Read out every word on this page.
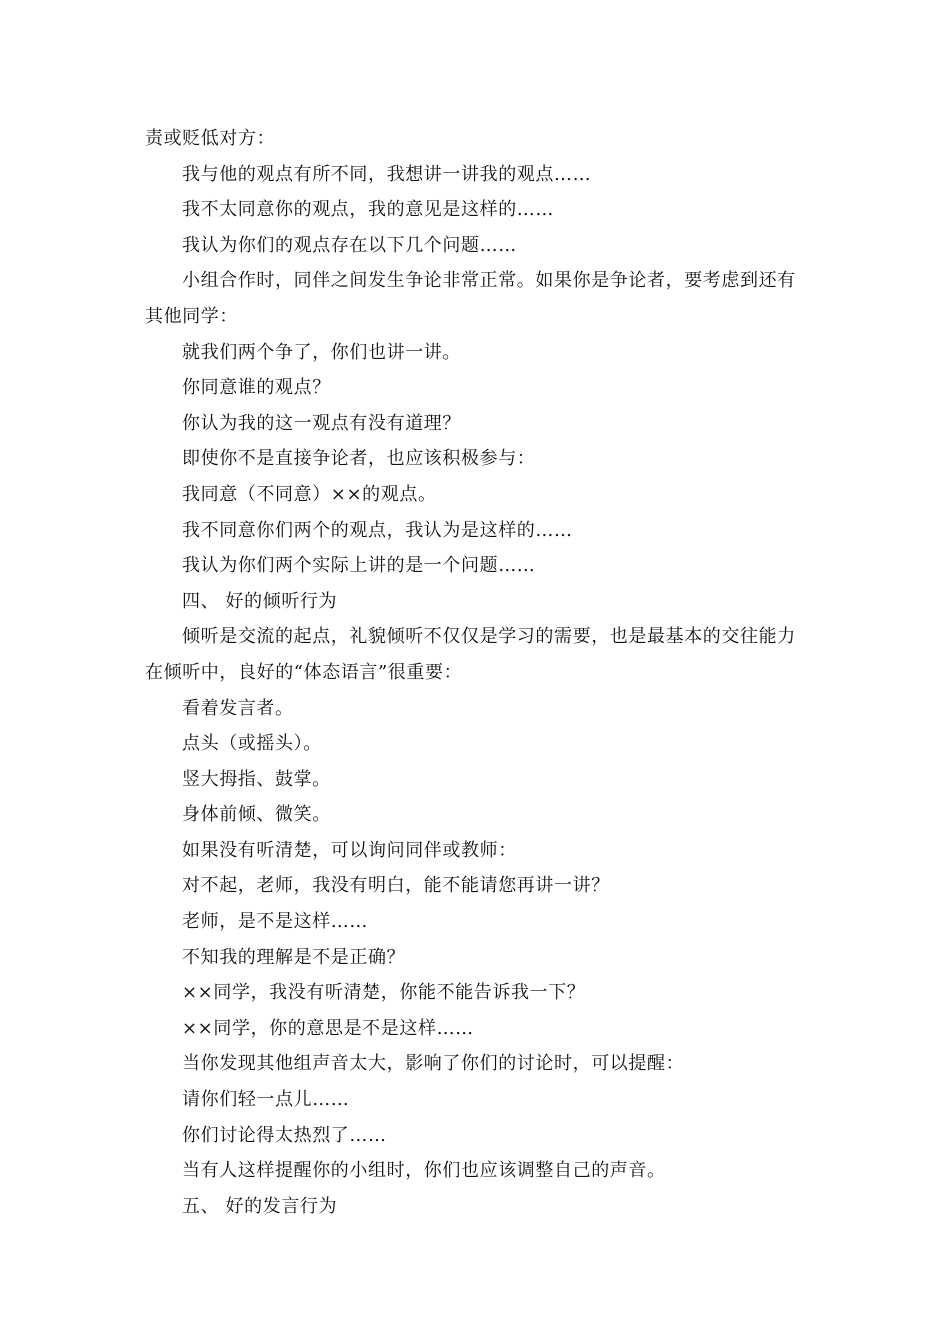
责或贬低对方：
我与他的观点有所不同，我想讲一讲我的观点……
我不太同意你的观点，我的意见是这样的……
我认为你们的观点存在以下几个问题……
小组合作时，同伴之间发生争论非常正常。如果你是争论者，要考虑到还有
其他同学：
就我们两个争了，你们也讲一讲。
你同意谁的观点？
你认为我的这一观点有没有道理？
即使你不是直接争论者，也应该积极参与：
我同意（不同意）××的观点。
我不同意你们两个的观点，我认为是这样的……
我认为你们两个实际上讲的是一个问题……
四、 好的倾听行为
倾听是交流的起点，礼貌倾听不仅仅是学习的需要，也是最基本的交往能力
在倾听中，良好的“体态语言”很重要：
看着发言者。
点头（或摇头）。
竖大拇指、鼓掌。
身体前倾、微笑。
如果没有听清楚，可以询问同伴或教师：
对不起，老师，我没有明白，能不能请您再讲一讲？
老师，是不是这样……
不知我的理解是不是正确？
××同学，我没有听清楚，你能不能告诉我一下？
××同学，你的意思是不是这样……
当你发现其他组声音太大，影响了你们的讨论时，可以提醒：
请你们轻一点儿……
你们讨论得太热烈了……
当有人这样提醒你的小组时，你们也应该调整自己的声音。
五、 好的发言行为
